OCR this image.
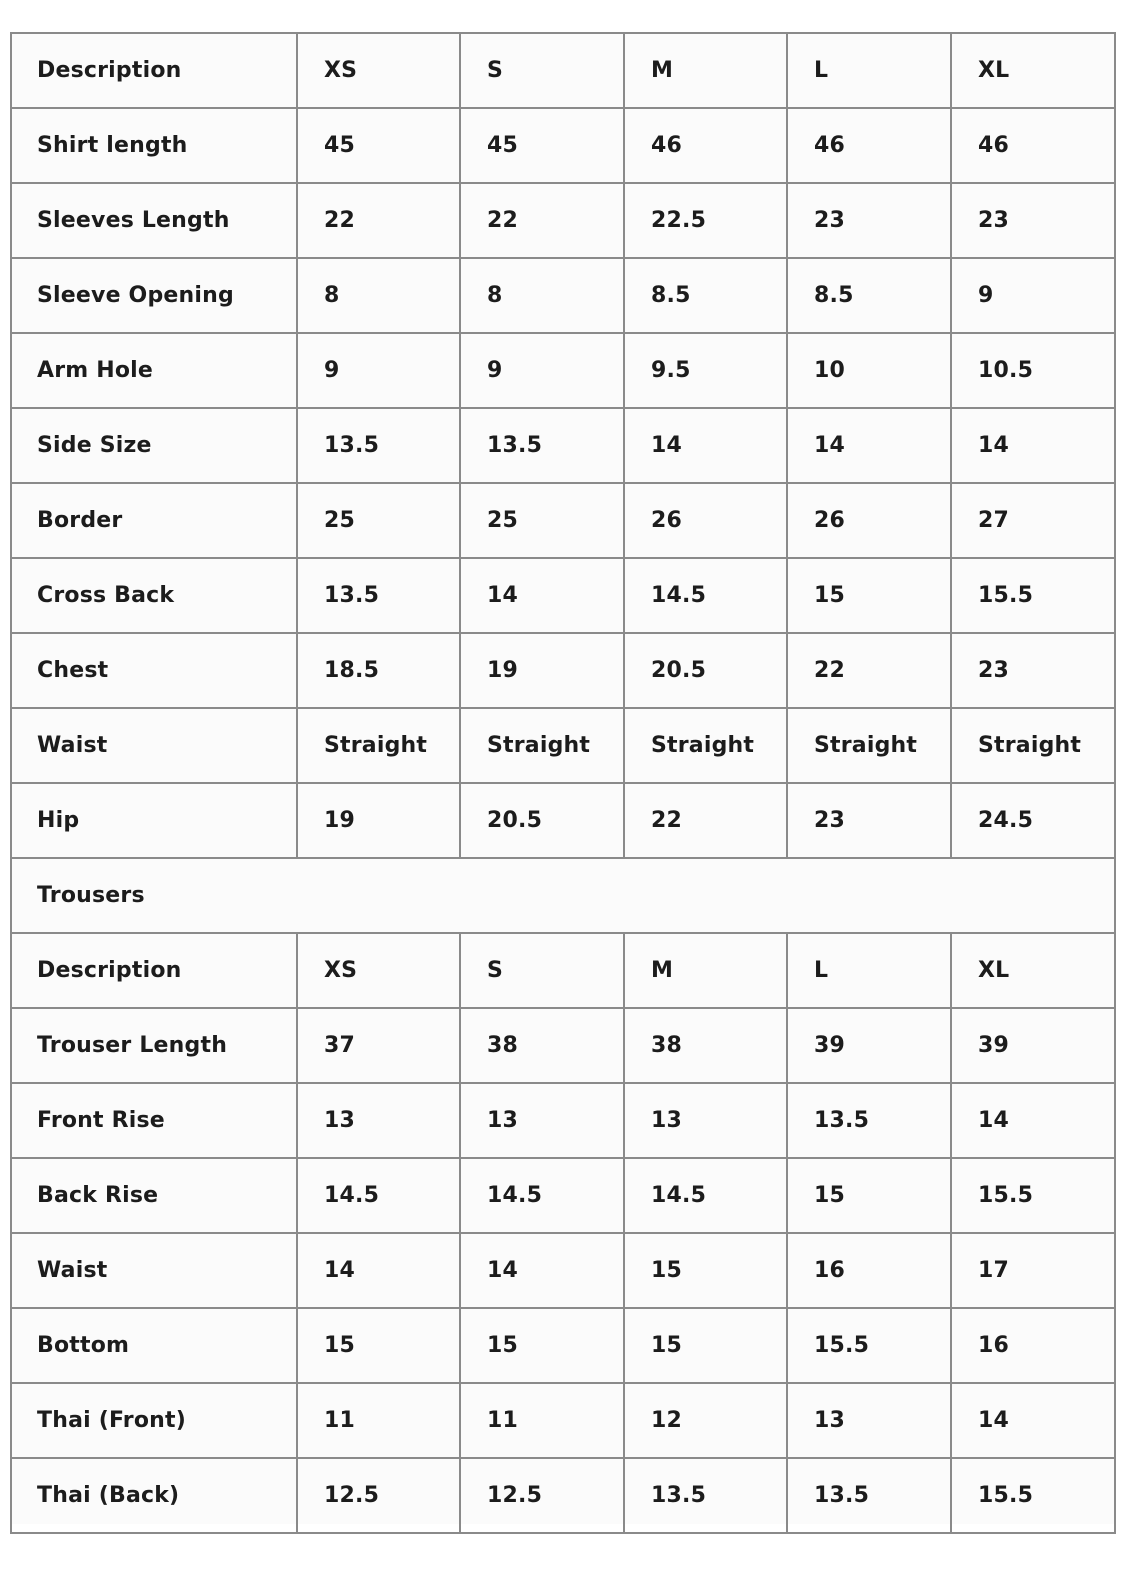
Description	XS	S	M	L	XL
Shirt length	45	45	46	46	46
Sleeves Length	22	22	22.5	23	23
Sleeve Opening	8	8	8.5	8.5	9
Arm Hole	9	9	9.5	10	10.5
Side Size	13.5	13.5	14	14	14
Border	25	25	26	26	27
Cross Back	13.5	14	14.5	15	15.5
Chest	18.5	19	20.5	22	23
Waist	Straight	Straight	Straight	Straight	Straight
Hip	19	20.5	22	23	24.5
Trousers					
Description	XS	S	M	L	XL
Trouser Length	37	38	38	39	39
Front Rise	13	13	13	13.5	14
Back Rise	14.5	14.5	14.5	15	15.5
Waist	14	14	15	16	17
Bottom	15	15	15	15.5	16
Thai (Front)	11	11	12	13	14
Thai (Back)	12.5	12.5	13.5	13.5	15.5
